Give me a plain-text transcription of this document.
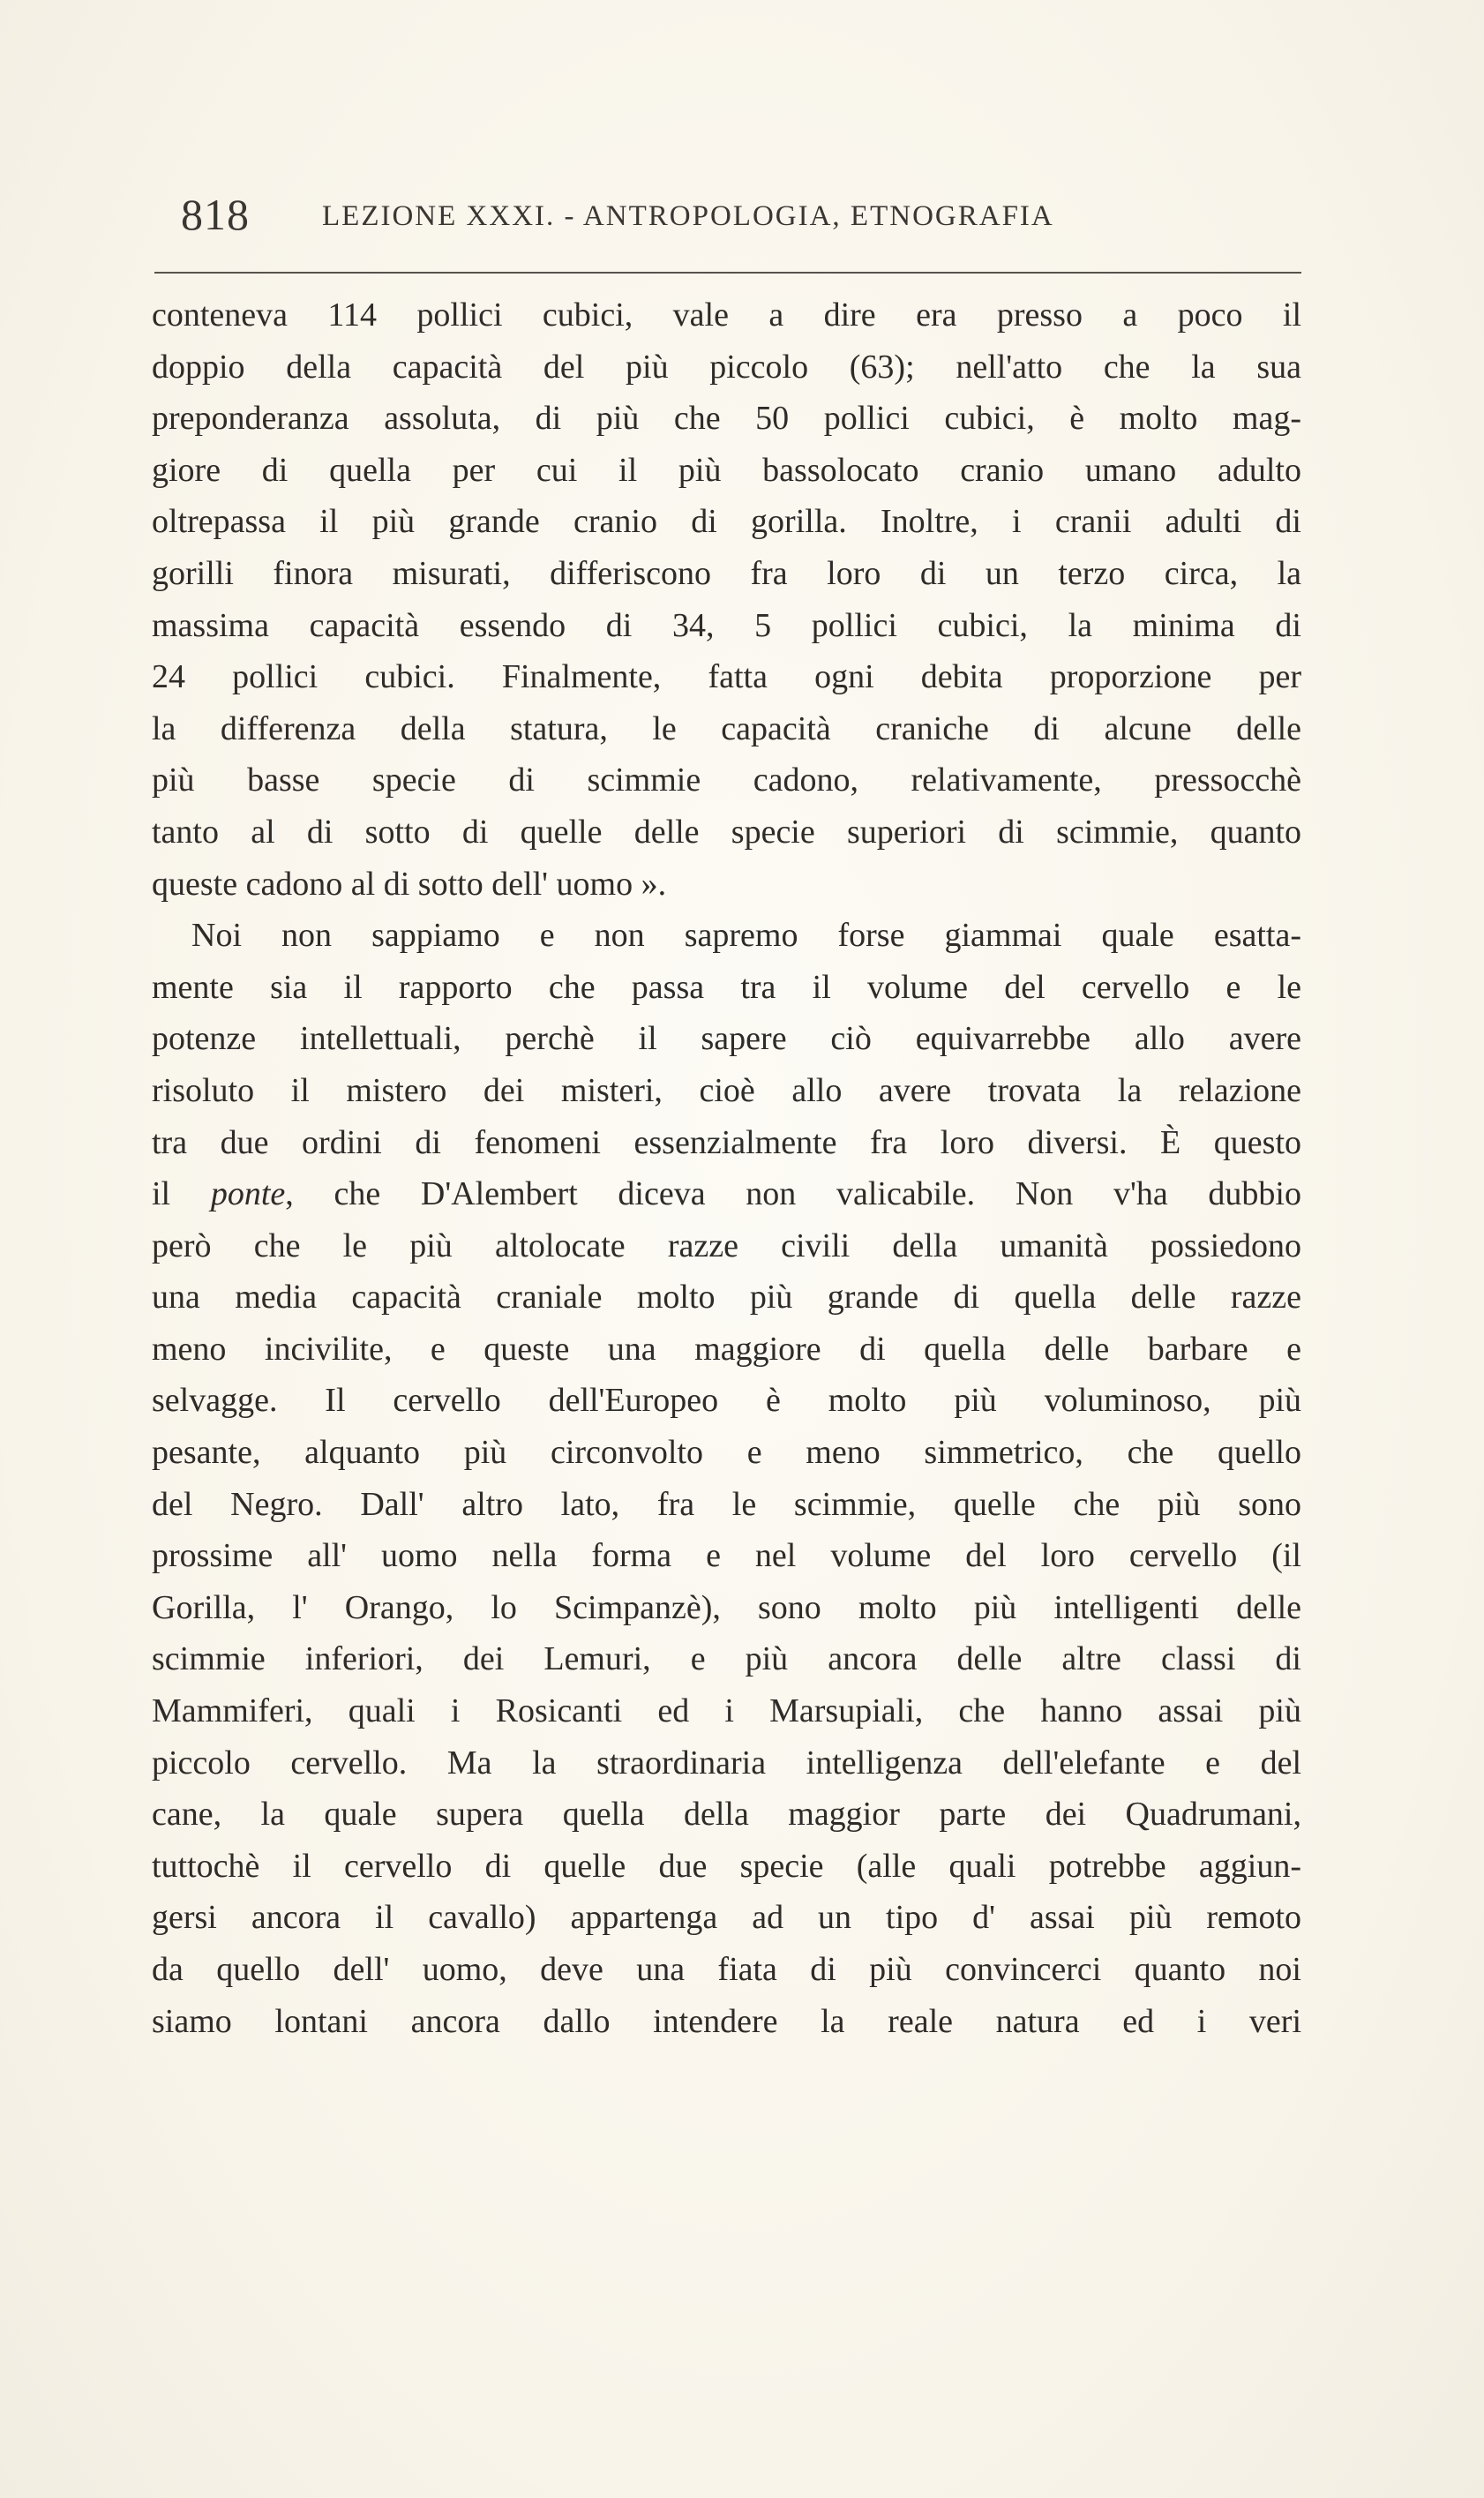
818 LEZIONE XXXI. - ANTROPOLOGIA, ETNOGRAFIA
conteneva 114 pollici cubici, vale a dire era presso a poco il
doppio della capacità del più piccolo (63); nell'atto che la sua
preponderanza assoluta, di più che 50 pollici cubici, è molto mag-
giore di quella per cui il più bassolocato cranio umano adulto
oltrepassa il più grande cranio di gorilla. Inoltre, i cranii adulti di
gorilli finora misurati, differiscono fra loro di un terzo circa, la
massima capacità essendo di 34, 5 pollici cubici, la minima di
24 pollici cubici. Finalmente, fatta ogni debita proporzione per
la differenza della statura, le capacità craniche di alcune delle
più basse specie di scimmie cadono, relativamente, pressocchè
tanto al di sotto di quelle delle specie superiori di scimmie, quanto
queste cadono al di sotto dell' uomo ».
Noi non sappiamo e non sapremo forse giammai quale esatta-
mente sia il rapporto che passa tra il volume del cervello e le
potenze intellettuali, perchè il sapere ciò equivarrebbe allo avere
risoluto il mistero dei misteri, cioè allo avere trovata la relazione
tra due ordini di fenomeni essenzialmente fra loro diversi. È questo
il ponte, che D'Alembert diceva non valicabile. Non v'ha dubbio
però che le più altolocate razze civili della umanità possiedono
una media capacità craniale molto più grande di quella delle razze
meno incivilite, e queste una maggiore di quella delle barbare e
selvagge. Il cervello dell'Europeo è molto più voluminoso, più
pesante, alquanto più circonvolto e meno simmetrico, che quello
del Negro. Dall' altro lato, fra le scimmie, quelle che più sono
prossime all' uomo nella forma e nel volume del loro cervello (il
Gorilla, l' Orango, lo Scimpanzè), sono molto più intelligenti delle
scimmie inferiori, dei Lemuri, e più ancora delle altre classi di
Mammiferi, quali i Rosicanti ed i Marsupiali, che hanno assai più
piccolo cervello. Ma la straordinaria intelligenza dell'elefante e del
cane, la quale supera quella della maggior parte dei Quadrumani,
tuttochè il cervello di quelle due specie (alle quali potrebbe aggiun-
gersi ancora il cavallo) appartenga ad un tipo d' assai più remoto
da quello dell' uomo, deve una fiata di più convincerci quanto noi
siamo lontani ancora dallo intendere la reale natura ed i veri
